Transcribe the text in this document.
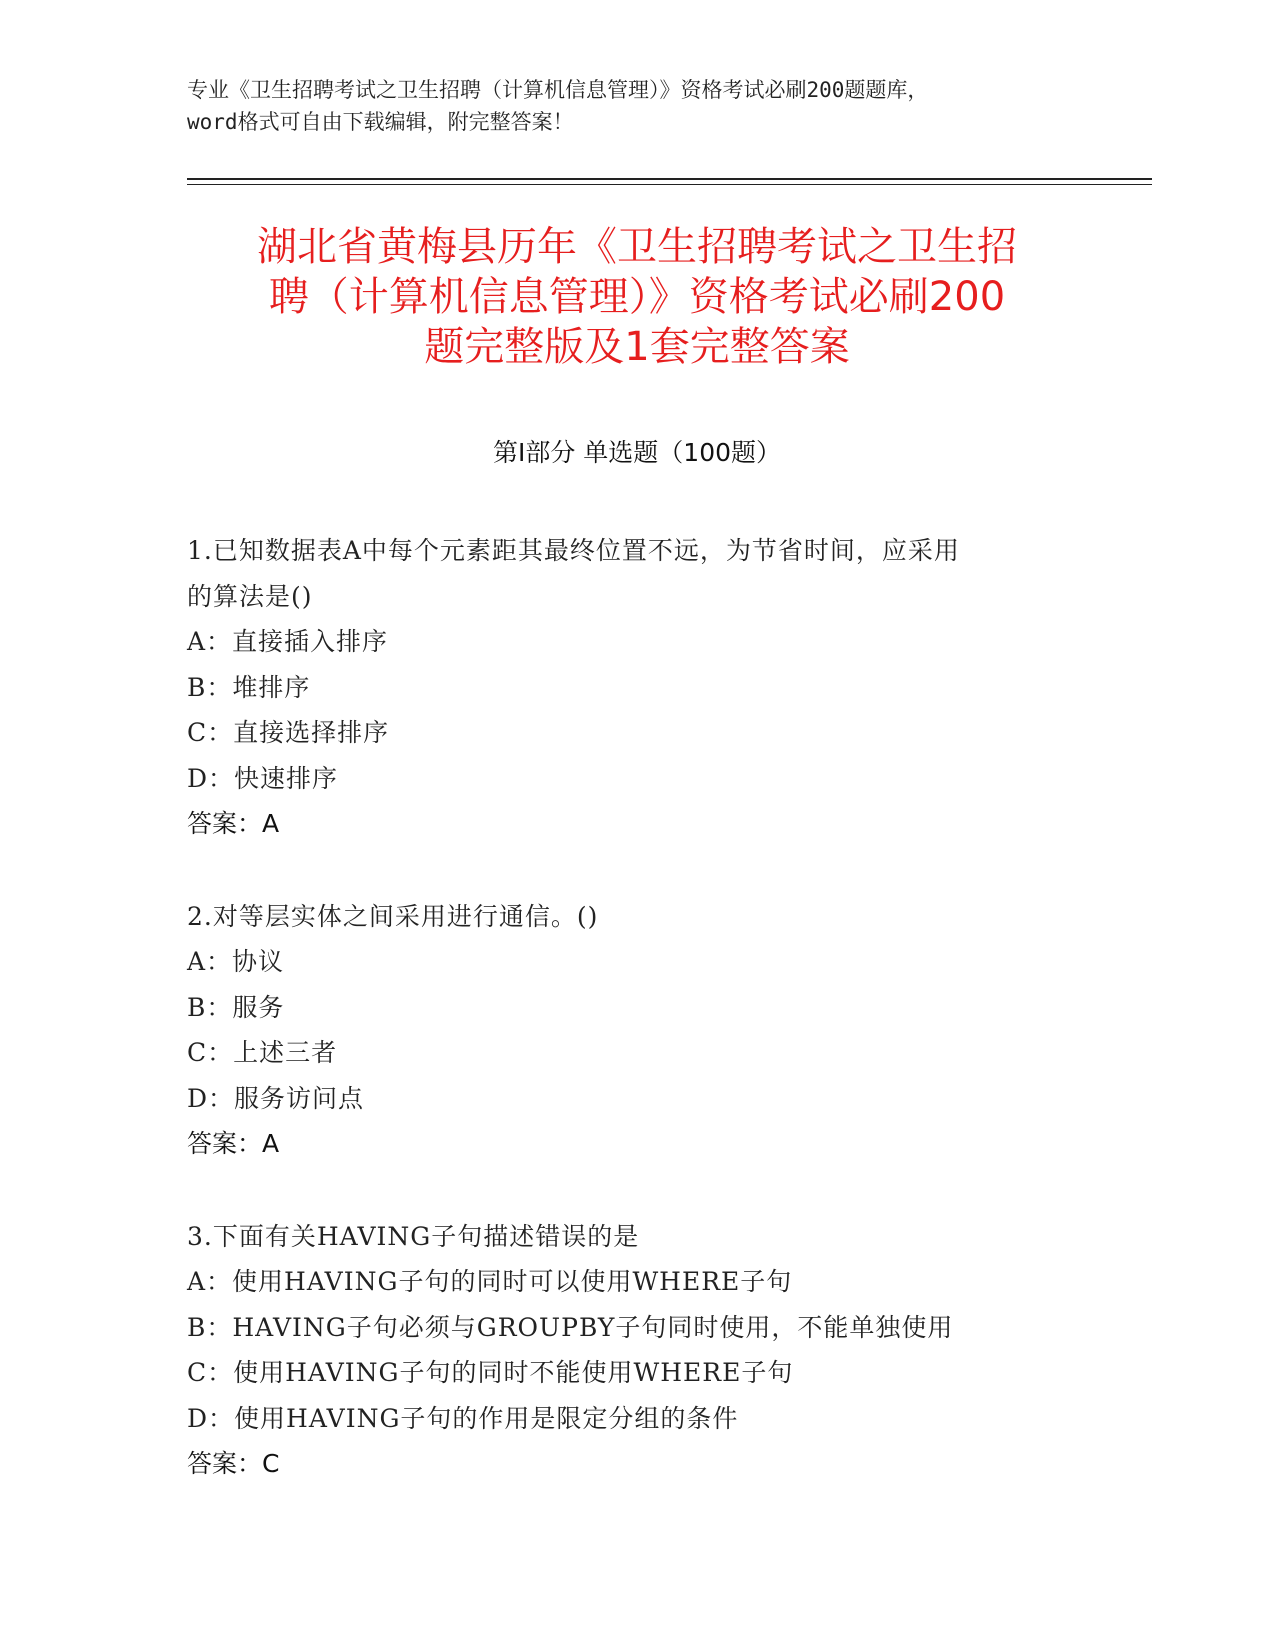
专业《卫生招聘考试之卫生招聘（计算机信息管理）》资格考试必刷200题题库，
word格式可自由下载编辑，附完整答案！
湖北省黄梅县历年《卫生招聘考试之卫生招
聘（计算机信息管理）》资格考试必刷200
题完整版及1套完整答案
第I部分 单选题（100题）
1.已知数据表A中每个元素距其最终位置不远，为节省时间，应采用
的算法是()
A：直接插入排序
B：堆排序
C：直接选择排序
D：快速排序
答案：A
2.对等层实体之间采用进行通信。()
A：协议
B：服务
C：上述三者
D：服务访问点
答案：A
3.下面有关HAVING子句描述错误的是
A：使用HAVING子句的同时可以使用WHERE子句
B：HAVING子句必须与GROUPBY子句同时使用，不能单独使用
C：使用HAVING子句的同时不能使用WHERE子句
D：使用HAVING子句的作用是限定分组的条件
答案：C
